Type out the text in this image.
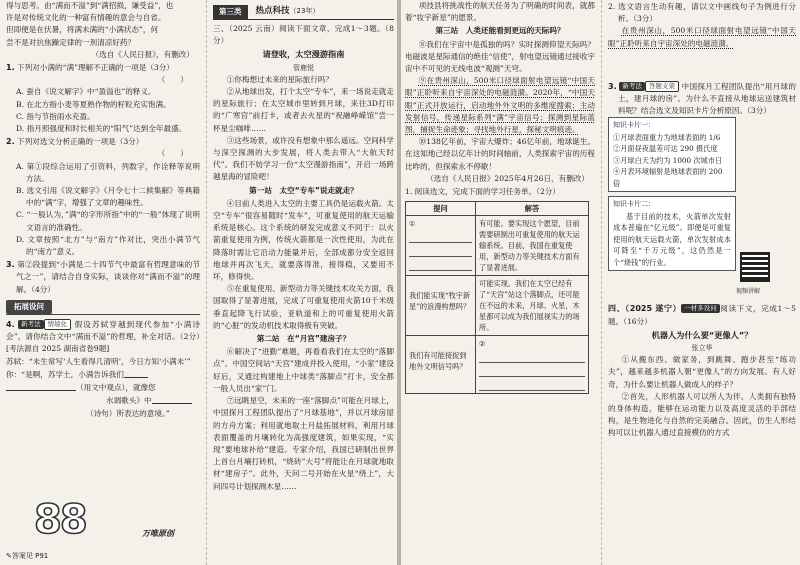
得与思考。由“满而不溢”到“满招损，谦受益”，也

许是对传统文化的一种富有情趣的意会与自省。

但即便是在伏暑，将满未满的“小满状态”，何

尝不是对抗焦躁定律的一剂清凉好药？

（选自《人民日报》，有删改）

1. 下列对小满的“满”理解不正确的一项是（3分）

（　　）

A. 蚕自《说文解字》中“盈溢也”的释义。

B. 在北方指小麦等夏熟作物的籽粒充实饱满。

C. 指与节指雨水充盈。

D. 指月照强度和时长相关的“阳气”达到全年最盛。

2. 下列对选文分析正确的一项是（3分）

（　　）

A. 第①段综合运用了引资料，列数字，作诠释等说明方法。

B. 选文引用《说文解字》《月令七十二候集解》等典籍中的“满”字，增强了文章的趣味性。

C. “一般认为，”满“的字形所指”中的“一般”体现了说明文语言的准确性。

D. 文章按照“北方”与“南方”作对比，突出小满节气的“南方”意义。

3. 第②段提到“小满是二十四节气中最富有哲理意味的节气之一”，请结合自身实际，谈谈你对“满而不溢”的理解。（4分）

拓展设问

4. 新考法 情境化 假设苏轼穿越到现代参加“小满诗会”，请你结合文中“满而不溢”的哲理，补全对话。（2分）[考法源自 2025 湖南省卷9题]

苏轼：“未生常写‘人生看得几清明’，今日方知‘小满未’”

你：“是啊，苏学士，小满告诉我们

（用文中观点），就像您

水调歌头》中

（诗句）所表达的意境。”

88	万唯原创
✎答案见 P91
第三类	热点科技（23年）

三、（2025 云南）阅读下面文章，完成1～3题。（8分）

请登收，太空漫游指南

管鹿悦

①你梅想过未来的星际旅行吗？

②从地球出发，打个太空“专车”，来一场说走就走的星际旅行；在太空城市里转到月球，来往3D打印的“广寒宫”前打卡，或者去火星的“祝融峥嵘馆”尝一杯星尘咖啡……

③这些场景，或许没有想象中那么遥远。空间科学与深空探测的大步发展，将人类去带入“大航天时代”。我们不妨学习一份“太空漫游指南”，开启一场跨越星海的冒险吧！

第一站　太空“专车”说走就走？

④目前人类进入太空的主要工具仍是运载火箭。太空“专车”很容易随时“发车”，可重复使用的航天运输系统是核心。这个系统的研发完成意义不同于：以火箭重复使用为例，传统火箭都是一次性使用，为此在降落时需让它沿动力能量并后，全部成都分安全返回地球并再次飞天，就要落得准，接得稳，又要用不坏，修得快。

⑤在重复使用、新型动力等关键技术攻关方面，我国取得了显著进展，完成了可重复使用火箭10千米级垂直起降飞行试验，亚轨道和上的可重复使用火箭的“心脏”的发动机技术取得极有突破。

第二站　在“月宫”建房子？

⑥解决了“进勤”难题，再看看我们在太空的“落脚点”。中国空间站“天宫”建成并投入使用，“小家”建设好后，又通过构建地上中球类“落脚点”打卡，安全都一般人员出“家”门。

⑦远眺星空，未来的一座“落脚点”可能在月球上，中国探月工程团队提出了“月球基地”，并以月球房屋的方舟方案；利用就地取土月盐拓展材料，利用月球表面覆盖的月壤转化为高强度建筑，如果实现，“实现”要地球补给”建造。专家介绍，我国已研制出世界上首台月壤打砖机，“烧砖”大号”将能让在月球就地取材“建房子”。此外，天问二号开始在火星“绕上”，大问四号计划探测木星……

项技县将挑战性的航天任务为了明确的时间表，就都着“妆宇新星”的愿景。

第三站　人类还能看到更远的天际吗？

⑧我们在宇宙中是孤独的吗？实时探测仰望天际吗？电磁波是星际通信的绝佳“信使”，射电望远镜通过接收宇宙中不可见的无线电波“观测”天穹。

⑨在贵州深山，500米口径球面射电望远镜“中国天眼”正聆听来自宇宙深处的电磁涟漪。2020年，“中国天眼”正式开放运行，启动地外外文明的多维度搜索；主动发射信号，传递星际系列“满”宇宙信号；探测到星际蓝图，捕捉生命迹象；寻找地外行星，探秘文明痕迹。

⑩138亿年前，宇宙大爆炸；46亿年前，地球诞生。在这知地己经以亿年计的时间轴前，人类探索宇宙的历程比昨的，但探索永不停歇！

（选自《人民日报》2025年4月26日，有删改）

1. 阅读选文，完成下面的学习任务单。（2分）

提问	解答

①	有可能。要实现这个愿望，目前需要研制出可重复使用的航天运输系统。目前，我国在重复使用，新型动力等关键技术方面有了显著进展。
我们能实现“牧宇新星”的浪漫构想吗？	可能实现。我们在太空已经有了“天宫”站这个落脚点，还可能在不远的未来，月球、火星，木星都可以成为我们展视实力的场所。
我们有可能接捉到地外文明信号吗？	②

2. 选文语言生动有趣，请以文中画线句子为例进行分析。（3分）

在贵州深山，500米口径球面射电望远镜“中国天眼”正聆听来自宇宙深处的电磁涟漪。

3. 新考法 答题支架 中国探月工程团队提出“用月球的土，建月球的房”。为什么不直接从地球运送建筑材料呢？结合选文及知识卡片分析原因。（3分）

知识卡片一：
①月球表面重力为地球表面的 1/6
②月面昼夜温差可达 290 摄氏度
③月球白天为约为 1000 次城市日
④月表环境辐射是地球表面的 200 倍
知识卡片二：

基于目前的技术，火箭单次发射成本普遍在“亿元级”。即便是可重复使用的航天运载火箭，单次发射成本可降至“千万元级”，这仍然是一个“烧钱”的行业。

视频讲解

四、（2025 遂宁） 一材多设问 阅读下文，完成1～5题。（16分）

机器人为什么要“更像人”？

张立华

①从搬东西、做家务，到跳舞、跑步甚至“练功夫”，越来越多机器人朝“更像人”的方向发展。有人好奇，为什么要让机器人做成人的样子？

②首先，人形机器人可以所人为伴。人类拥有独特的身体构造，能够在运动能力以及高度灵活的手部结构，是生物进化与自然的完美融合。因此，仿生人形结构可以让机器人通过直接模仿的方式
